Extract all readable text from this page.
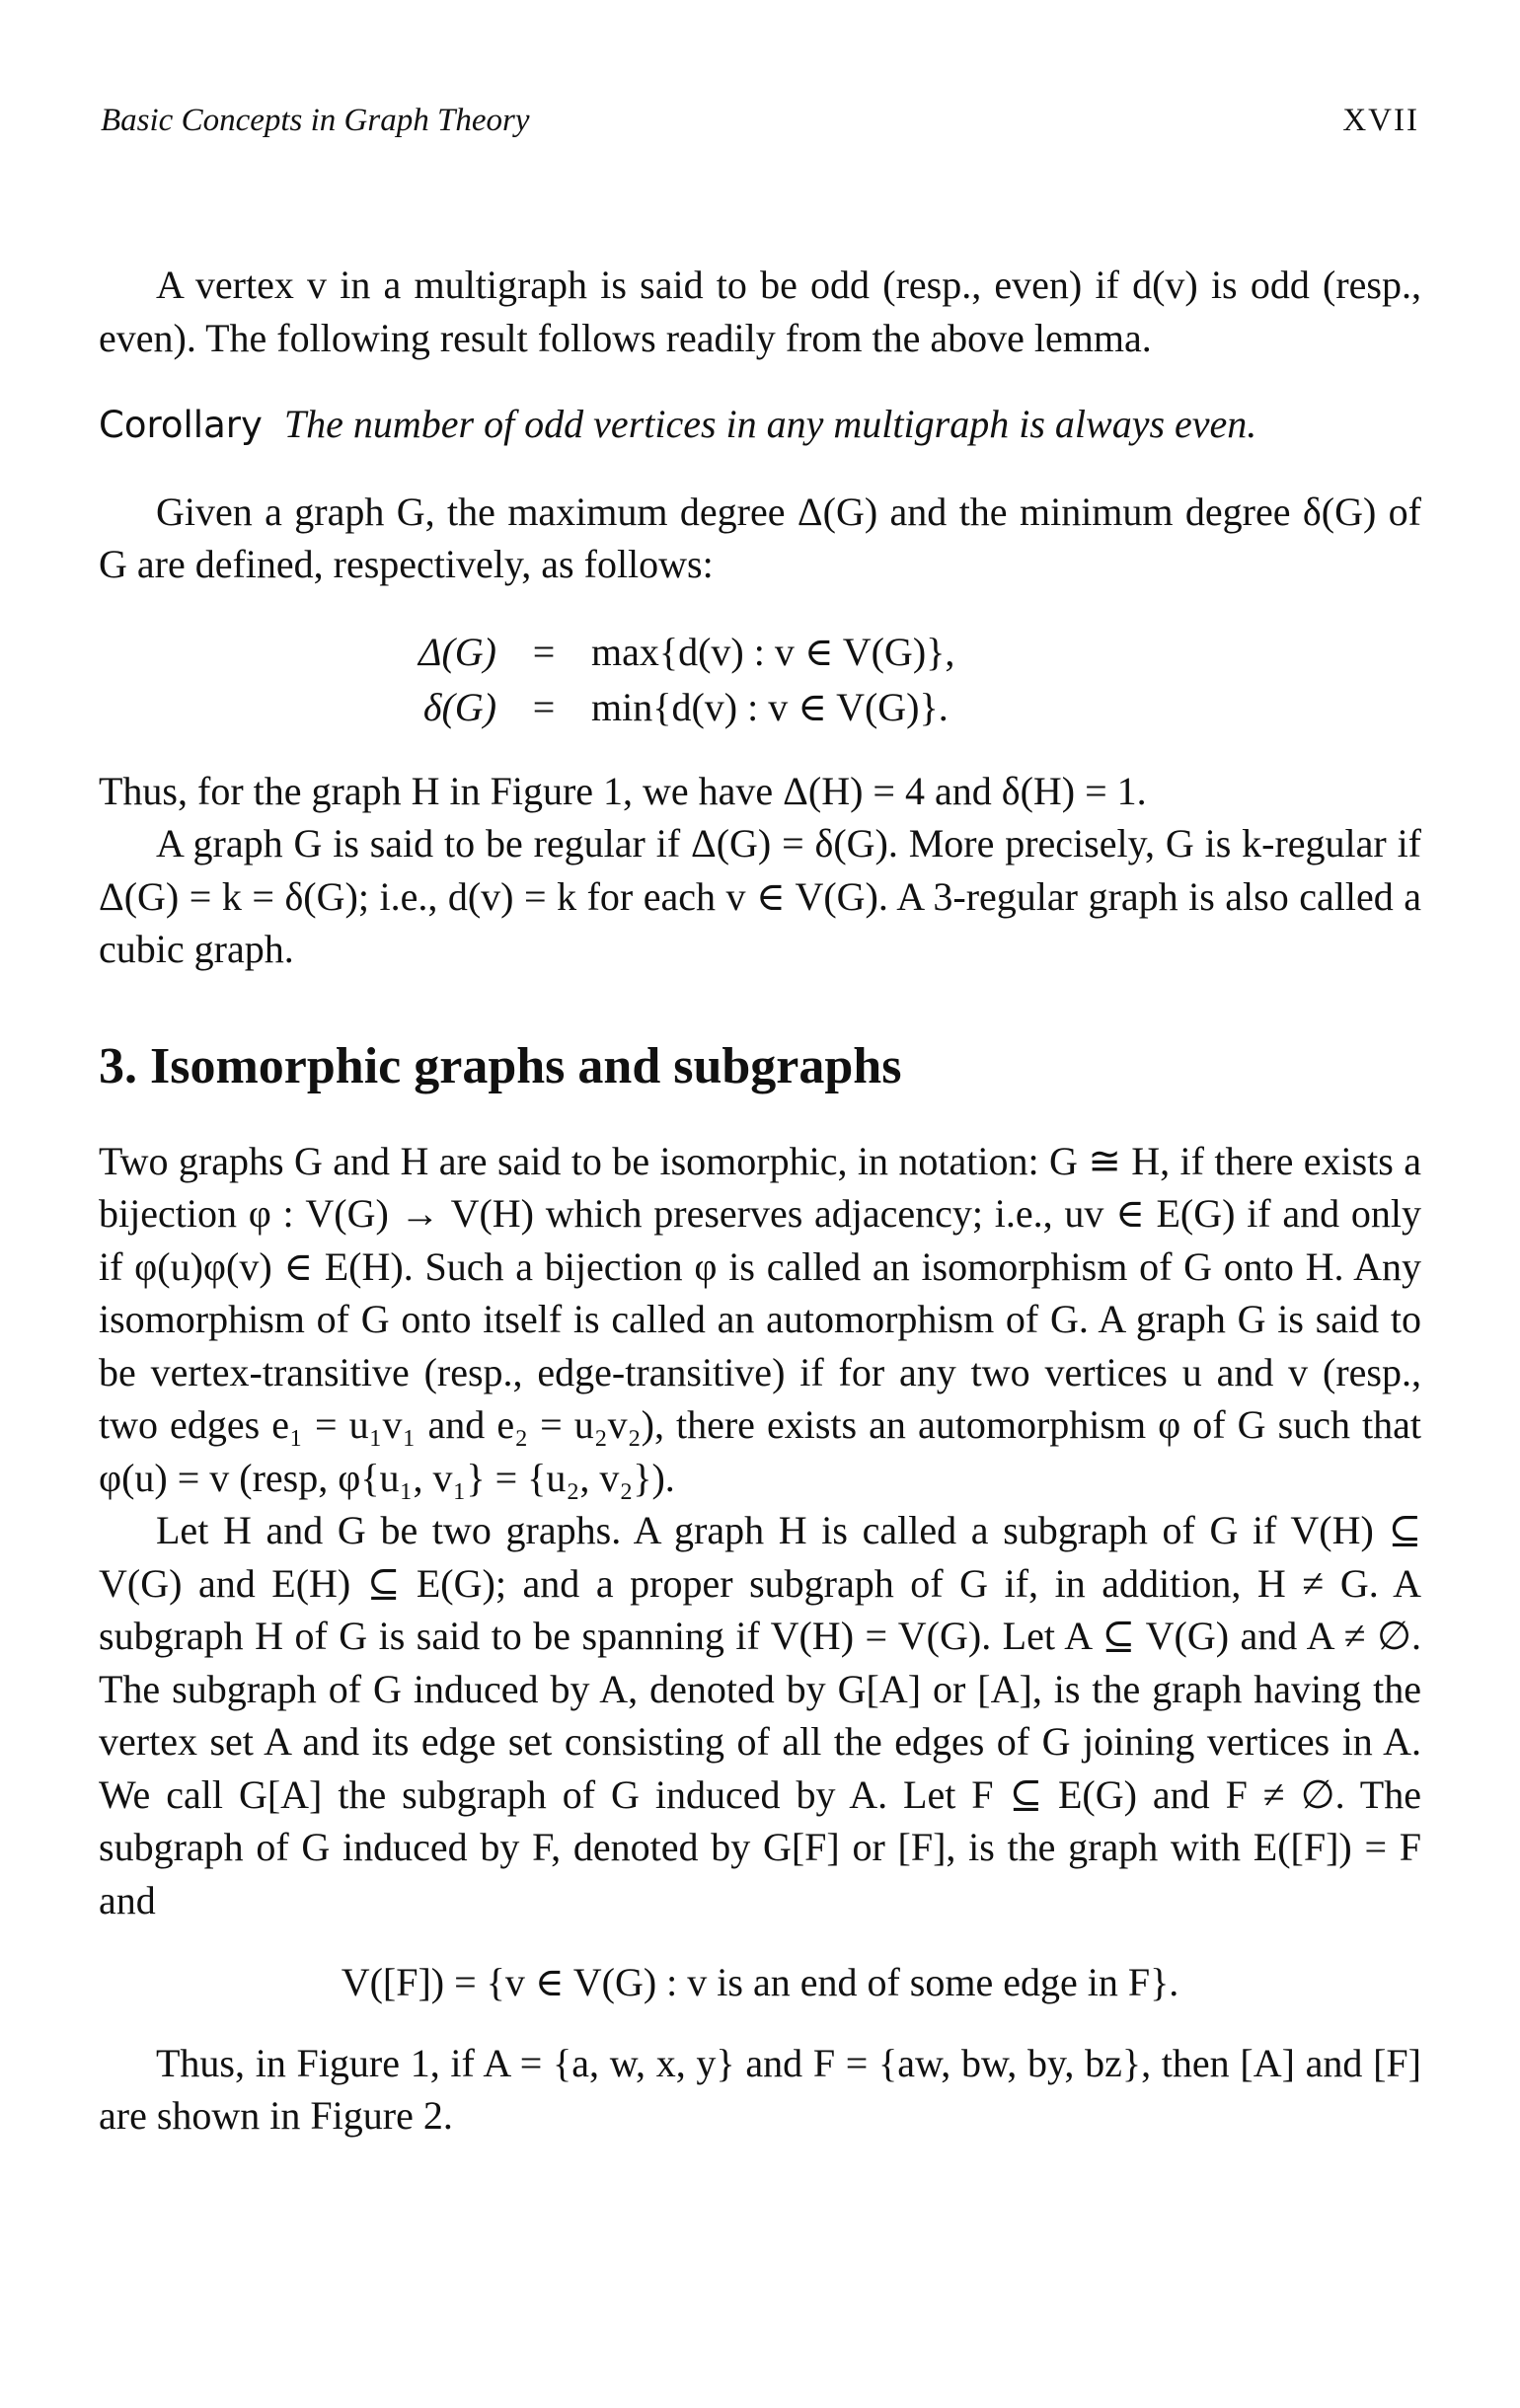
Basic Concepts in Graph Theory	XVII

A vertex v in a multigraph is said to be odd (resp., even) if d(v) is odd (resp., even). The following result follows readily from the above lemma.

Corollary The number of odd vertices in any multigraph is always even.

Given a graph G, the maximum degree Δ(G) and the minimum degree δ(G) of G are defined, respectively, as follows:

Δ(G)	=	max{d(v) : v ∈ V(G)},
δ(G)	=	min{d(v) : v ∈ V(G)}.

Thus, for the graph H in Figure 1, we have Δ(H) = 4 and δ(H) = 1.

A graph G is said to be regular if Δ(G) = δ(G). More precisely, G is k-regular if Δ(G) = k = δ(G); i.e., d(v) = k for each v ∈ V(G). A 3-regular graph is also called a cubic graph.

3. Isomorphic graphs and subgraphs

Two graphs G and H are said to be isomorphic, in notation: G ≅ H, if there exists a bijection φ : V(G) → V(H) which preserves adjacency; i.e., uv ∈ E(G) if and only if φ(u)φ(v) ∈ E(H). Such a bijection φ is called an isomorphism of G onto H. Any isomorphism of G onto itself is called an automorphism of G. A graph G is said to be vertex-transitive (resp., edge-transitive) if for any two vertices u and v (resp., two edges e₁ = u₁v₁ and e₂ = u₂v₂), there exists an automorphism φ of G such that φ(u) = v (resp, φ{u₁, v₁} = {u₂, v₂}).

Let H and G be two graphs. A graph H is called a subgraph of G if V(H) ⊆ V(G) and E(H) ⊆ E(G); and a proper subgraph of G if, in addition, H ≠ G. A subgraph H of G is said to be spanning if V(H) = V(G). Let A ⊆ V(G) and A ≠ ∅. The subgraph of G induced by A, denoted by G[A] or [A], is the graph having the vertex set A and its edge set consisting of all the edges of G joining vertices in A. We call G[A] the subgraph of G induced by A. Let F ⊆ E(G) and F ≠ ∅. The subgraph of G induced by F, denoted by G[F] or [F], is the graph with E([F]) = F and

V([F]) = {v ∈ V(G) : v is an end of some edge in F}.

Thus, in Figure 1, if A = {a, w, x, y} and F = {aw, bw, by, bz}, then [A] and [F] are shown in Figure 2.
